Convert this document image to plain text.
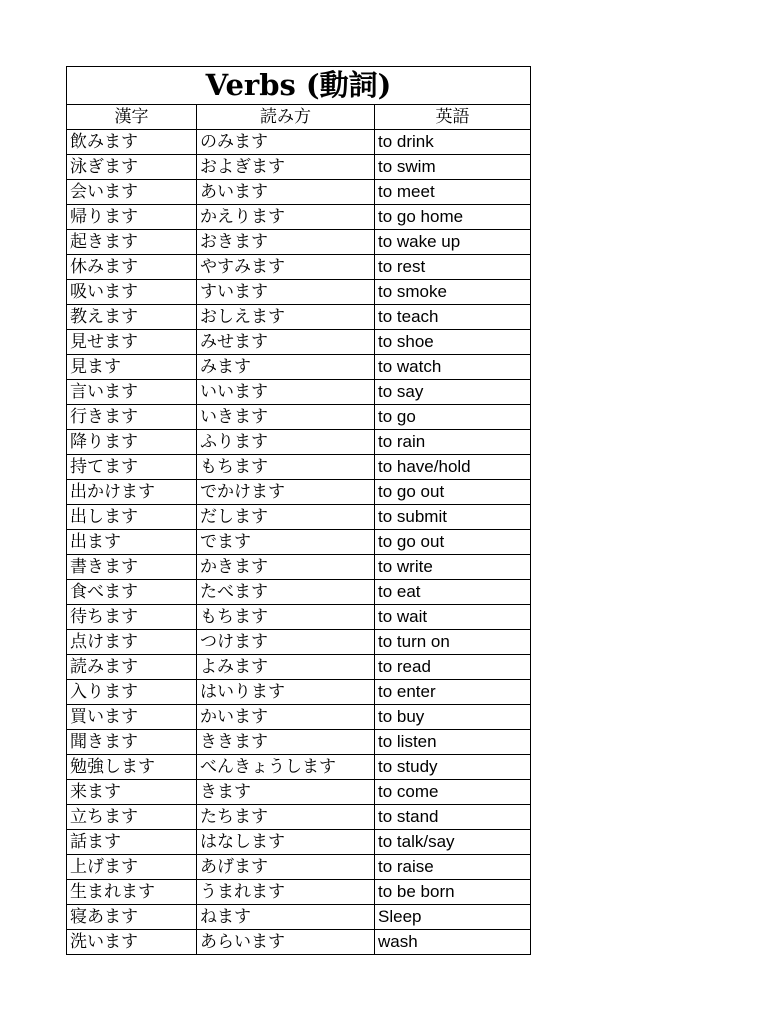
Verbs (動詞)		
漢字	読み方	英語
飲みます	のみます	to drink
泳ぎます	およぎます	to swim
会います	あいます	to meet
帰ります	かえります	to go home
起きます	おきます	to wake up
休みます	やすみます	to rest
吸います	すいます	to smoke
教えます	おしえます	to teach
見せます	みせます	to shoe
見ます	みます	to watch
言います	いいます	to say
行きます	いきます	to go
降ります	ふります	to rain
持てます	もちます	to have/hold
出かけます	でかけます	to go out
出します	だします	to submit
出ます	でます	to go out
書きます	かきます	to write
食べます	たべます	to eat
待ちます	もちます	to wait
点けます	つけます	to turn on
読みます	よみます	to read
入ります	はいります	to enter
買います	かいます	to buy
聞きます	ききます	to listen
勉強します	べんきょうします	to study
来ます	きます	to come
立ちます	たちます	to stand
話ます	はなします	to talk/say
上げます	あげます	to raise
生まれます	うまれます	to be born
寝あます	ねます	Sleep
洗います	あらいます	wash
